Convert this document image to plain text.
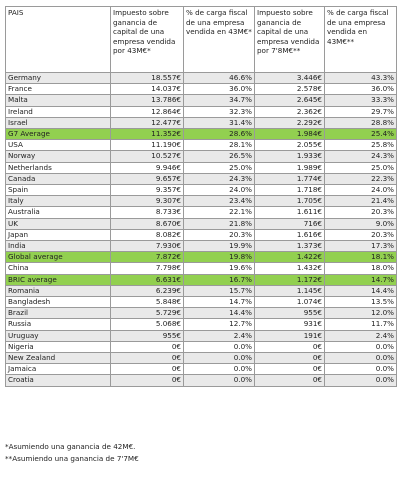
PAIS	Impuesto sobre ganancia de capital de una empresa vendida por 43M€*	% de carga fiscal de una empresa vendida en 43M€*	Impuesto sobre ganancia de capital de una empresa vendida por 7'8M€**	% de carga fiscal de una empresa vendida en 43M€**
Germany	18.557€	46.6%	3.446€	43.3%
France	14.037€	36.0%	2.578€	36.0%
Malta	13.786€	34.7%	2.645€	33.3%
Ireland	12.864€	32.3%	2.362€	29.7%
Israel	12.477€	31.4%	2.292€	28.8%
G7 Average	11.352€	28.6%	1.984€	25.4%
USA	11.190€	28.1%	2.055€	25.8%
Norway	10.527€	26.5%	1.933€	24.3%
Netherlands	9.946€	25.0%	1.989€	25.0%
Canada	9.657€	24.3%	1.774€	22.3%
Spain	9.357€	24.0%	1.718€	24.0%
Italy	9.307€	23.4%	1.705€	21.4%
Australia	8.733€	22.1%	1.611€	20.3%
UK	8.670€	21.8%	716€	9.0%
Japan	8.082€	20.3%	1.616€	20.3%
India	7.930€	19.9%	1.373€	17.3%
Global average	7.872€	19.8%	1.422€	18.1%
China	7.798€	19.6%	1.432€	18.0%
BRIC average	6.631€	16.7%	1.172€	14.7%
Romania	6.239€	15.7%	1.145€	14.4%
Bangladesh	5.848€	14.7%	1.074€	13.5%
Brazil	5.729€	14.4%	955€	12.0%
Russia	5.068€	12.7%	931€	11.7%
Uruguay	955€	2.4%	191€	2.4%
Nigeria	0€	0.0%	0€	0.0%
New Zealand	0€	0.0%	0€	0.0%
Jamaica	0€	0.0%	0€	0.0%
Croatia	0€	0.0%	0€	0.0%
*Asumiendo una ganancia de 42M€.
**Asumiendo una ganancia de 7'7M€
